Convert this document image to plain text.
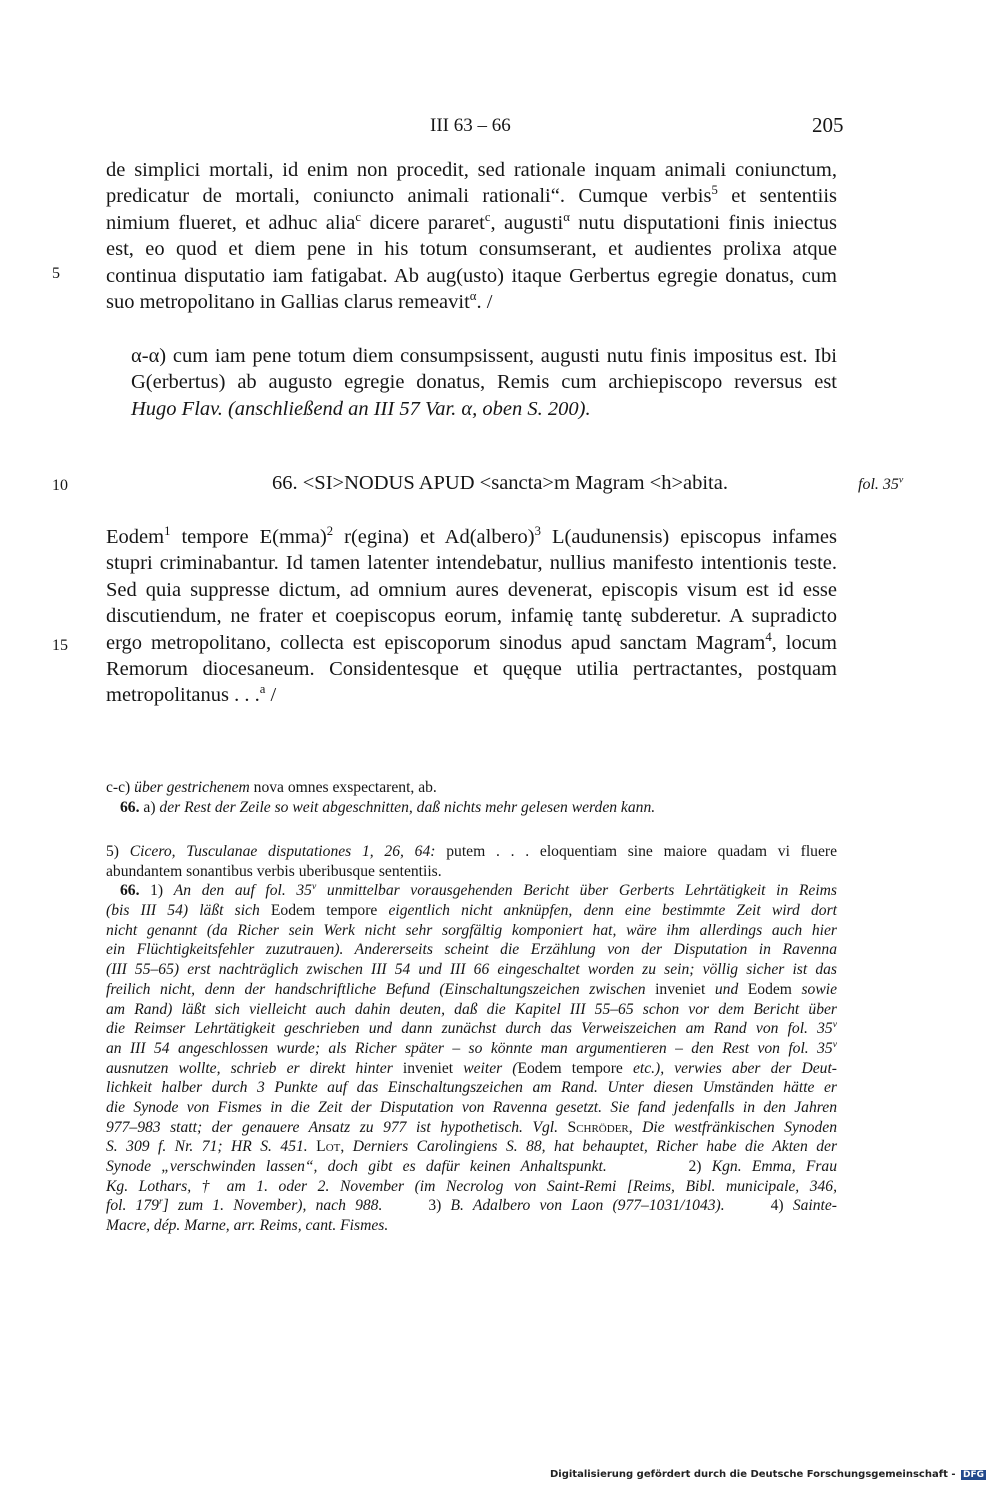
III 63 – 66	205
de simplici mortali, id enim non procedit, sed rationale inquam animali coniunctum,
predicatur de mortali, coniuncto animali rationali“. Cumque verbis$^5$ et sententiis
nimium flueret, et adhuc alia$^c$ dicere pararet$^c$, augusti$^\alpha$ nutu disputationi finis iniectus
est, eo quod et diem pene in his totum consumserant, et audientes prolixa atque
continua disputatio iam fatigabat. Ab aug(usto) itaque Gerbertus egregie donatus, cum
suo metropolitano in Gallias clarus remeavit$^\alpha$. /
5
α-α) cum iam pene totum diem consumpsissent, augusti nutu finis impositus est. Ibi
G(erbertus) ab augusto egregie donatus, Remis cum archiepiscopo reversus est
Hugo Flav. (anschließend an III 57 Var. α, oben S. 200).
10	66. <SI>NODUS APUD <sancta>m Magram <h>abita.	fol. 35$^v$
Eodem$^1$ tempore E(mma)$^2$ r(egina) et Ad(albero)$^3$ L(audunensis) episcopus infames
stupri criminabantur. Id tamen latenter intendebatur, nullius manifesto intentionis teste.
Sed quia suppresse dictum, ad omnium aures devenerat, episcopis visum est id esse
discutiendum, ne frater et coepiscopus eorum, infamię tantę subderetur. A supradicto
ergo metropolitano, collecta est episcoporum sinodus apud sanctam Magram$^4$, locum
Remorum diocesaneum. Considentesque et quęque utilia pertractantes, postquam
metropolitanus . . .$^a$ /
15
c-c) über gestrichenem nova omnes exspectarent, ab.
66. a) der Rest der Zeile so weit abgeschnitten, daß nichts mehr gelesen werden kann.
5) Cicero, Tusculanae disputationes 1, 26, 64: putem . . . eloquentiam sine maiore quadam vi fluere
abundantem sonantibus verbis uberibusque sententiis.
66. 1) An den auf fol. 35$^v$ unmittelbar vorausgehenden Bericht über Gerberts Lehrtätigkeit in Reims
(bis III 54) läßt sich Eodem tempore eigentlich nicht anknüpfen, denn eine bestimmte Zeit wird dort
nicht genannt (da Richer sein Werk nicht sehr sorgfältig komponiert hat, wäre ihm allerdings auch hier
ein Flüchtigkeitsfehler zuzutrauen). Andererseits scheint die Erzählung von der Disputation in Ravenna
(III 55–65) erst nachträglich zwischen III 54 und III 66 eingeschaltet worden zu sein; völlig sicher ist das
freilich nicht, denn der handschriftliche Befund (Einschaltungszeichen zwischen inveniet und Eodem sowie
am Rand) läßt sich vielleicht auch dahin deuten, daß die Kapitel III 55–65 schon vor dem Bericht über
die Reimser Lehrtätigkeit geschrieben und dann zunächst durch das Verweiszeichen am Rand von fol. 35$^v$
an III 54 angeschlossen wurde; als Richer später – so könnte man argumentieren – den Rest von fol. 35$^v$
ausnutzen wollte, schrieb er direkt hinter inveniet weiter (Eodem tempore etc.), verwies aber der Deut-
lichkeit halber durch 3 Punkte auf das Einschaltungszeichen am Rand. Unter diesen Umständen hätte er
die Synode von Fismes in die Zeit der Disputation von Ravenna gesetzt. Sie fand jedenfalls in den Jahren
977–983 statt; der genauere Ansatz zu 977 ist hypothetisch. Vgl. Schröder, Die westfränkischen Synoden
S. 309 f. Nr. 71; HR S. 451. Lot, Derniers Carolingiens S. 88, hat behauptet, Richer habe die Akten der
Synode „verschwinden lassen“, doch gibt es dafür keinen Anhaltspunkt.        2) Kgn. Emma, Frau
Kg. Lothars, † am 1. oder 2. November (im Necrolog von Saint-Remi [Reims, Bibl. municipale, 346,
fol. 179$^r$] zum 1. November), nach 988.     3) B. Adalbero von Laon (977–1031/1043).     4) Sainte-
Macre, dép. Marne, arr. Reims, cant. Fismes.
Digitalisierung gefördert durch die Deutsche Forschungsgemeinschaft - DFG
